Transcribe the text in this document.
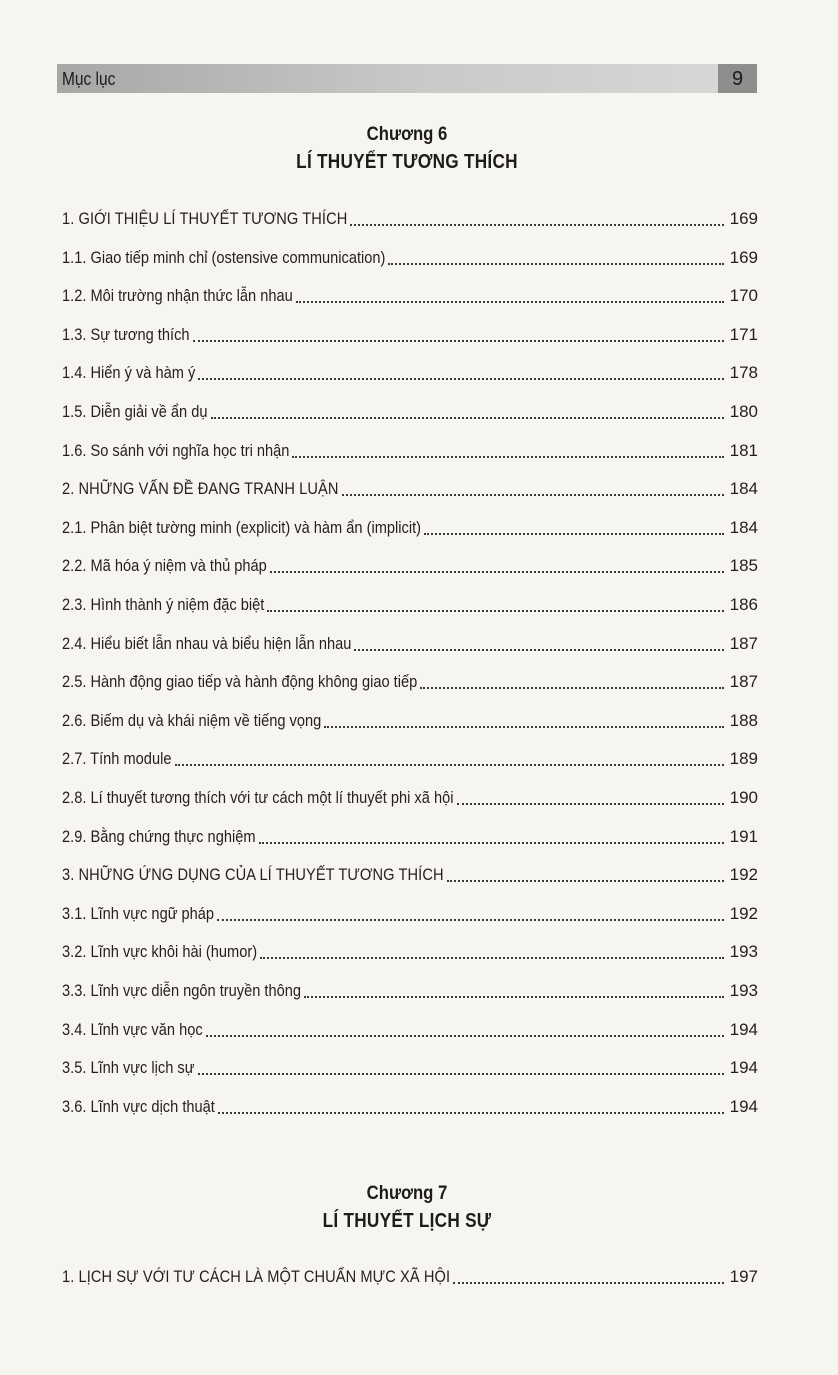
Mục lục	9
Chương 6
LÍ THUYẾT TƯƠNG THÍCH
1. GIỚI THIỆU LÍ THUYẾT TƯƠNG THÍCH	169
1.1. Giao tiếp minh chỉ (ostensive communication)	169
1.2. Môi trường nhận thức lẫn nhau	170
1.3. Sự tương thích	171
1.4. Hiển ý và hàm ý	178
1.5. Diễn giải về ẩn dụ	180
1.6. So sánh với nghĩa học tri nhận	181
2. NHỮNG VẤN ĐỀ ĐANG TRANH LUẬN	184
2.1. Phân biệt tường minh (explicit) và hàm ẩn (implicit)	184
2.2. Mã hóa ý niệm và thủ pháp	185
2.3. Hình thành ý niệm đặc biệt	186
2.4. Hiểu biết lẫn nhau và biểu hiện lẫn nhau	187
2.5. Hành động giao tiếp và hành động không giao tiếp	187
2.6. Biếm dụ và khái niệm về tiếng vọng	188
2.7. Tính module	189
2.8. Lí thuyết tương thích với tư cách một lí thuyết phi xã hội	190
2.9. Bằng chứng thực nghiệm	191
3. NHỮNG ỨNG DỤNG CỦA LÍ THUYẾT TƯƠNG THÍCH	192
3.1. Lĩnh vực ngữ pháp	192
3.2. Lĩnh vực khôi hài (humor)	193
3.3. Lĩnh vực diễn ngôn truyền thông	193
3.4. Lĩnh vực văn học	194
3.5. Lĩnh vực lịch sự	194
3.6. Lĩnh vực dịch thuật	194
Chương 7
LÍ THUYẾT LỊCH SỰ
1. LỊCH SỰ VỚI TƯ CÁCH LÀ MỘT CHUẨN MỰC XÃ HỘI	197
